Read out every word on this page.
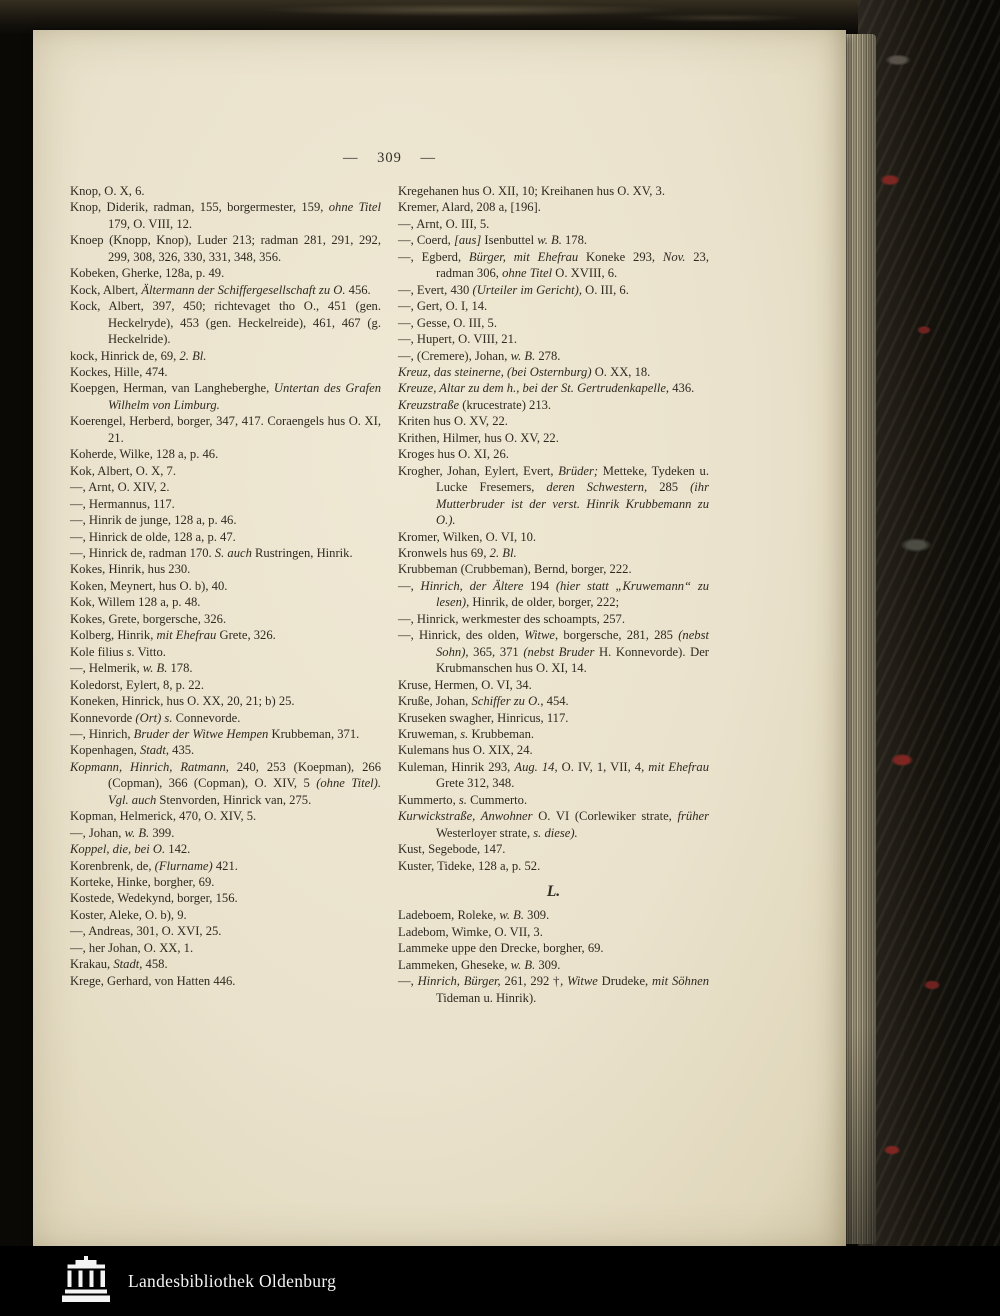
— 309 —
Knop, O. X, 6.
Knop, Diderik, radman, 155, borgermester, 159, ohne Titel 179, O. VIII, 12.
Knoep (Knopp, Knop), Luder 213; radman 281, 291, 292, 299, 308, 326, 330, 331, 348, 356.
Kobeken, Gherke, 128a, p. 49.
Kock, Albert, Ältermann der Schiffergesellschaft zu O. 456.
Kock, Albert, 397, 450; richtevaget tho O., 451 (gen. Heckelryde), 453 (gen. Heckelreide), 461, 467 (g. Heckelride).
kock, Hinrick de, 69, 2. Bl.
Kockes, Hille, 474.
Koepgen, Herman, van Langheberghe, Untertan des Grafen Wilhelm von Limburg.
Koerengel, Herberd, borger, 347, 417. Coraengels hus O. XI, 21.
Koherde, Wilke, 128 a, p. 46.
Kok, Albert, O. X, 7.
—, Arnt, O. XIV, 2.
—, Hermannus, 117.
—, Hinrik de junge, 128 a, p. 46.
—, Hinrick de olde, 128 a, p. 47.
—, Hinrick de, radman 170. S. auch Rustringen, Hinrik.
Kokes, Hinrik, hus 230.
Koken, Meynert, hus O. b), 40.
Kok, Willem 128 a, p. 48.
Kokes, Grete, borgersche, 326.
Kolberg, Hinrik, mit Ehefrau Grete, 326.
Kole filius s. Vitto.
—, Helmerik, w. B. 178.
Koledorst, Eylert, 8, p. 22.
Koneken, Hinrick, hus O. XX, 20, 21; b) 25.
Konnevorde (Ort) s. Connevorde.
—, Hinrich, Bruder der Witwe Hempen Krubbeman, 371.
Kopenhagen, Stadt, 435.
Kopmann, Hinrich, Ratmann, 240, 253 (Koepman), 266 (Copman), 366 (Copman), O. XIV, 5 (ohne Titel). Vgl. auch Stenvorden, Hinrick van, 275.
Kopman, Helmerick, 470, O. XIV, 5.
—, Johan, w. B. 399.
Koppel, die, bei O. 142.
Korenbrenk, de, (Flurname) 421.
Korteke, Hinke, borgher, 69.
Kostede, Wedekynd, borger, 156.
Koster, Aleke, O. b), 9.
—, Andreas, 301, O. XVI, 25.
—, her Johan, O. XX, 1.
Krakau, Stadt, 458.
Krege, Gerhard, von Hatten 446.
Kregehanen hus O. XII, 10; Kreihanen hus O. XV, 3.
Kremer, Alard, 208 a, [196].
—, Arnt, O. III, 5.
—, Coerd, [aus] Isenbuttel w. B. 178.
—, Egberd, Bürger, mit Ehefrau Koneke 293, Nov. 23, radman 306, ohne Titel O. XVIII, 6.
—, Evert, 430 (Urteiler im Gericht), O. III, 6.
—, Gert, O. I, 14.
—, Gesse, O. III, 5.
—, Hupert, O. VIII, 21.
—, (Cremere), Johan, w. B. 278.
Kreuz, das steinerne, (bei Osternburg) O. XX, 18.
Kreuze, Altar zu dem h., bei der St. Gertrudenkapelle, 436.
Kreuzstraße (krucestrate) 213.
Kriten hus O. XV, 22.
Krithen, Hilmer, hus O. XV, 22.
Kroges hus O. XI, 26.
Krogher, Johan, Eylert, Evert, Brüder; Metteke, Tydeken u. Lucke Fresemers, deren Schwestern, 285 (ihr Mutterbruder ist der verst. Hinrik Krubbemann zu O.).
Kromer, Wilken, O. VI, 10.
Kronwels hus 69, 2. Bl.
Krubbeman (Crubbeman), Bernd, borger, 222.
—, Hinrich, der Ältere 194 (hier statt „Kruwemann“ zu lesen), Hinrik, de older, borger, 222;
—, Hinrick, werkmester des schoampts, 257.
—, Hinrick, des olden, Witwe, borgersche, 281, 285 (nebst Sohn), 365, 371 (nebst Bruder H. Konnevorde). Der Krubmanschen hus O. XI, 14.
Kruse, Hermen, O. VI, 34.
Kruße, Johan, Schiffer zu O., 454.
Kruseken swagher, Hinricus, 117.
Kruweman, s. Krubbeman.
Kulemans hus O. XIX, 24.
Kuleman, Hinrik 293, Aug. 14, O. IV, 1, VII, 4, mit Ehefrau Grete 312, 348.
Kummerto, s. Cummerto.
Kurwickstraße, Anwohner O. VI (Corlewiker strate, früher Westerloyer strate, s. diese).
Kust, Segebode, 147.
Kuster, Tideke, 128 a, p. 52.
L.
Ladeboem, Roleke, w. B. 309.
Ladebom, Wimke, O. VII, 3.
Lammeke uppe den Drecke, borgher, 69.
Lammeken, Gheseke, w. B. 309.
—, Hinrich, Bürger, 261, 292 †, Witwe Drudeke, mit Söhnen Tideman u. Hinrik).
Landesbibliothek Oldenburg
